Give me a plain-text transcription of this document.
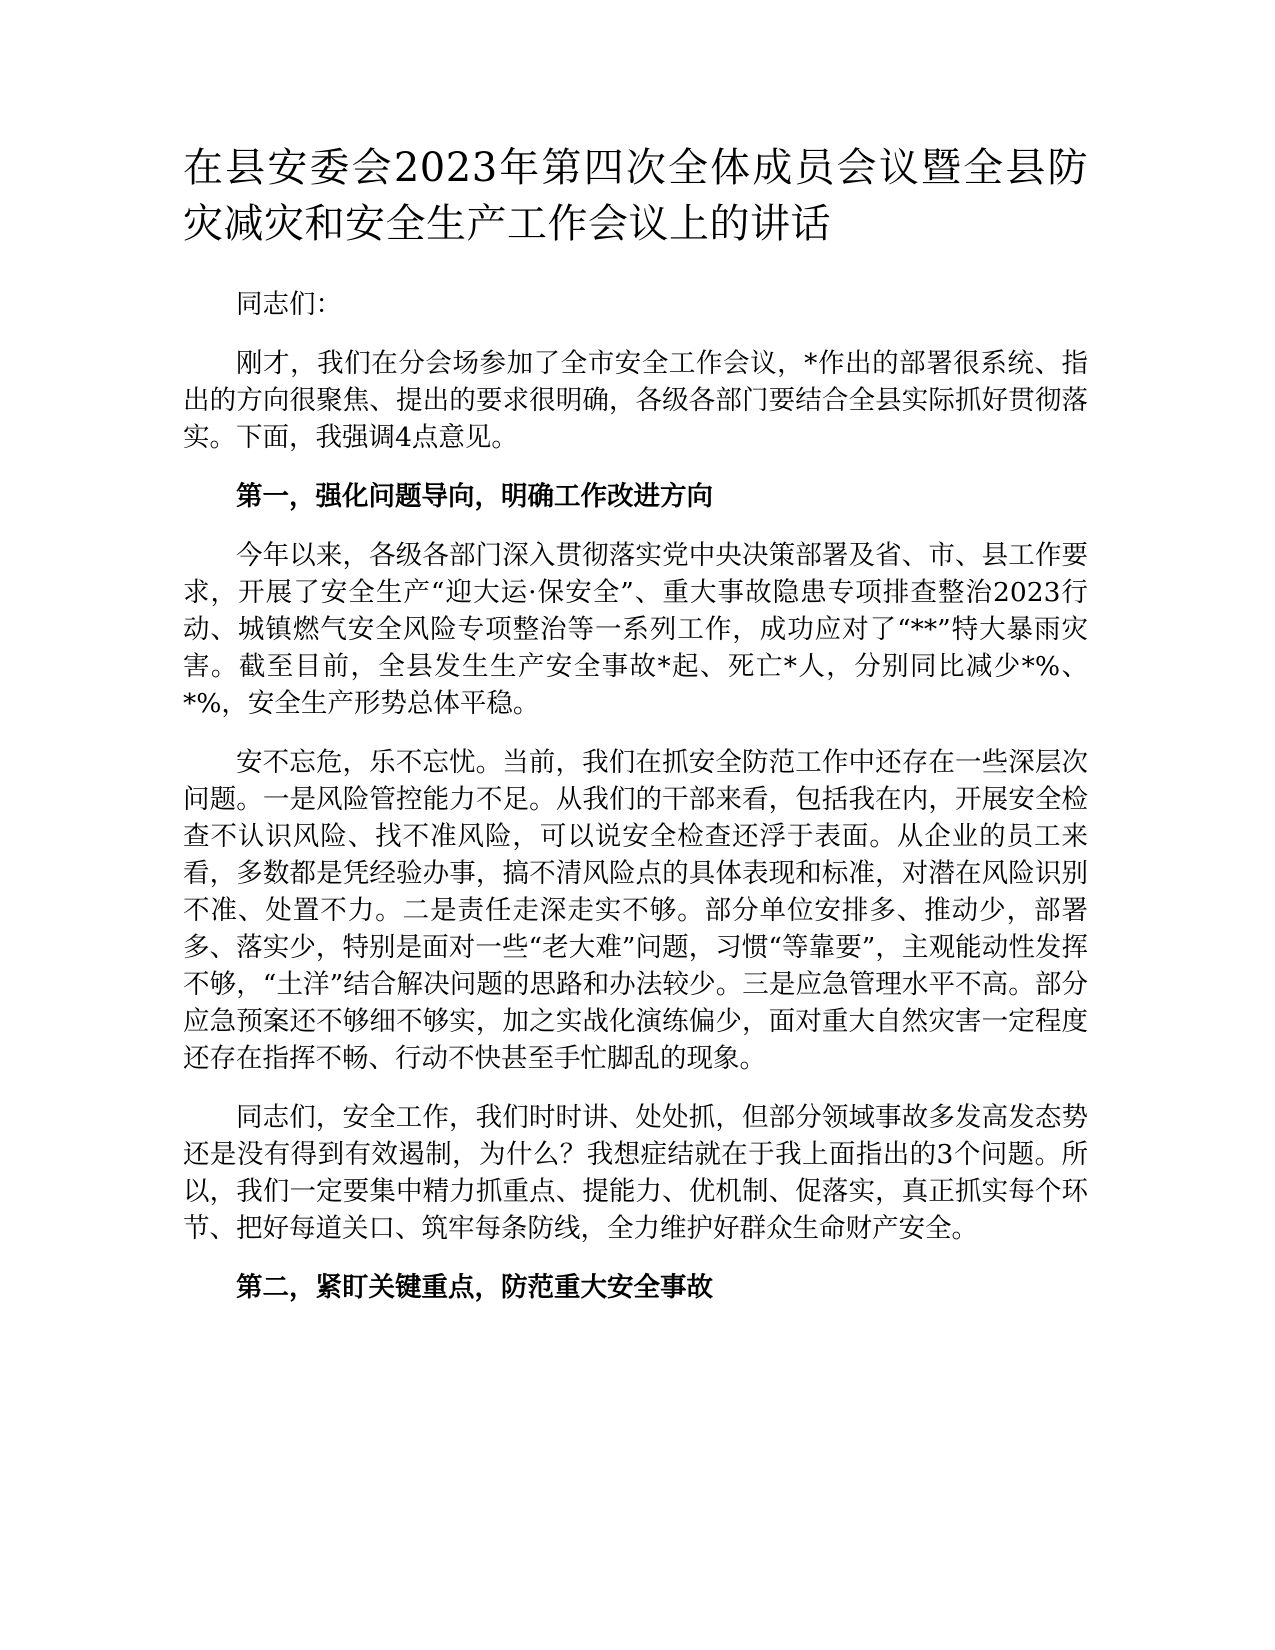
在县安委会2023年第四次全体成员会议暨全县防灾减灾和安全生产工作会议上的讲话

同志们：

刚才，我们在分会场参加了全市安全工作会议，*作出的部署很系统、指出的方向很聚焦、提出的要求很明确，各级各部门要结合全县实际抓好贯彻落实。下面，我强调4点意见。

第一，强化问题导向，明确工作改进方向

今年以来，各级各部门深入贯彻落实党中央决策部署及省、市、县工作要求，开展了安全生产“迎大运·保安全”、重大事故隐患专项排查整治2023行动、城镇燃气安全风险专项整治等一系列工作，成功应对了“**”特大暴雨灾害。截至目前，全县发生生产安全事故*起、死亡*人，分别同比减少*%、*%，安全生产形势总体平稳。

安不忘危，乐不忘忧。当前，我们在抓安全防范工作中还存在一些深层次问题。一是风险管控能力不足。从我们的干部来看，包括我在内，开展安全检查不认识风险、找不准风险，可以说安全检查还浮于表面。从企业的员工来看，多数都是凭经验办事，搞不清风险点的具体表现和标准，对潜在风险识别不准、处置不力。二是责任走深走实不够。部分单位安排多、推动少，部署多、落实少，特别是面对一些“老大难”问题，习惯“等靠要”，主观能动性发挥不够，“土洋”结合解决问题的思路和办法较少。三是应急管理水平不高。部分应急预案还不够细不够实，加之实战化演练偏少，面对重大自然灾害一定程度还存在指挥不畅、行动不快甚至手忙脚乱的现象。

同志们，安全工作，我们时时讲、处处抓，但部分领域事故多发高发态势还是没有得到有效遏制，为什么？我想症结就在于我上面指出的3个问题。所以，我们一定要集中精力抓重点、提能力、优机制、促落实，真正抓实每个环节、把好每道关口、筑牢每条防线，全力维护好群众生命财产安全。

第二，紧盯关键重点，防范重大安全事故
